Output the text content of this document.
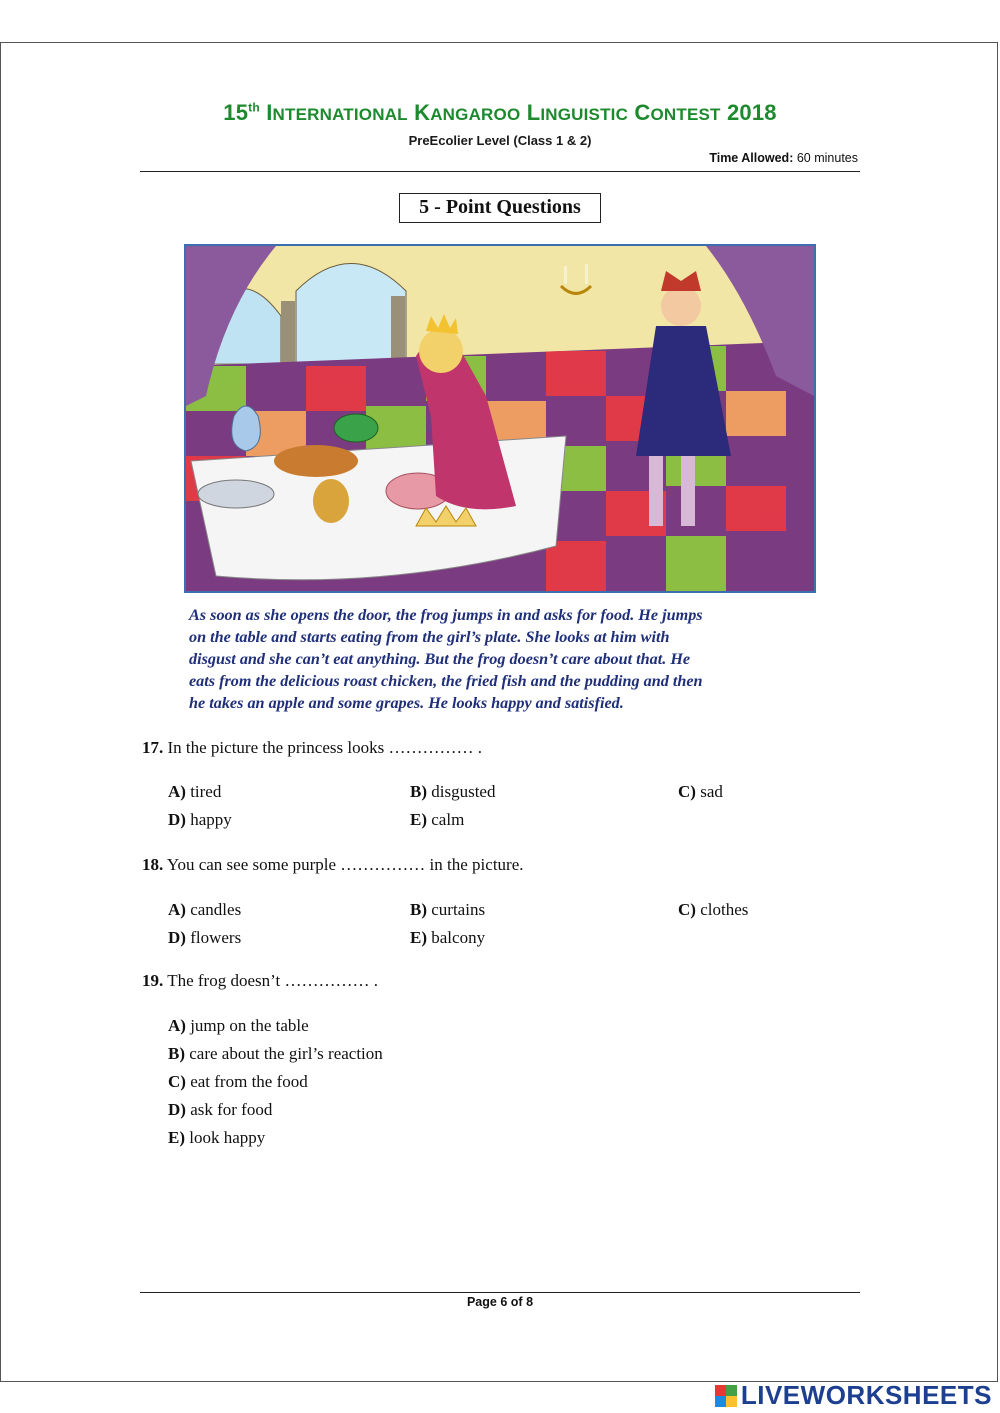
15th INTERNATIONAL KANGAROO LINGUISTIC CONTEST 2018
PreEcolier Level (Class 1 & 2)
Time Allowed: 60 minutes
5 - Point Questions

As soon as she opens the door, the frog jumps in and asks for food. He jumps

on the table and starts eating from the girl’s plate. She looks at him with

disgust and she can’t eat anything. But the frog doesn’t care about that. He

eats from the delicious roast chicken, the fried fish and the pudding and then

he takes an apple and some grapes. He looks happy and satisfied.

17. In the picture the princess looks …………… .
A) tired	B) disgusted	C) sad
D) happy	E) calm
18. You can see some purple …………… in the picture.
A) candles	B) curtains	C) clothes
D) flowers	E) balcony
19. The frog doesn’t …………… .
A) jump on the table
B) care about the girl’s reaction
C) eat from the food
D) ask for food
E) look happy
Page 6 of 8
LIVEWORKSHEETS
